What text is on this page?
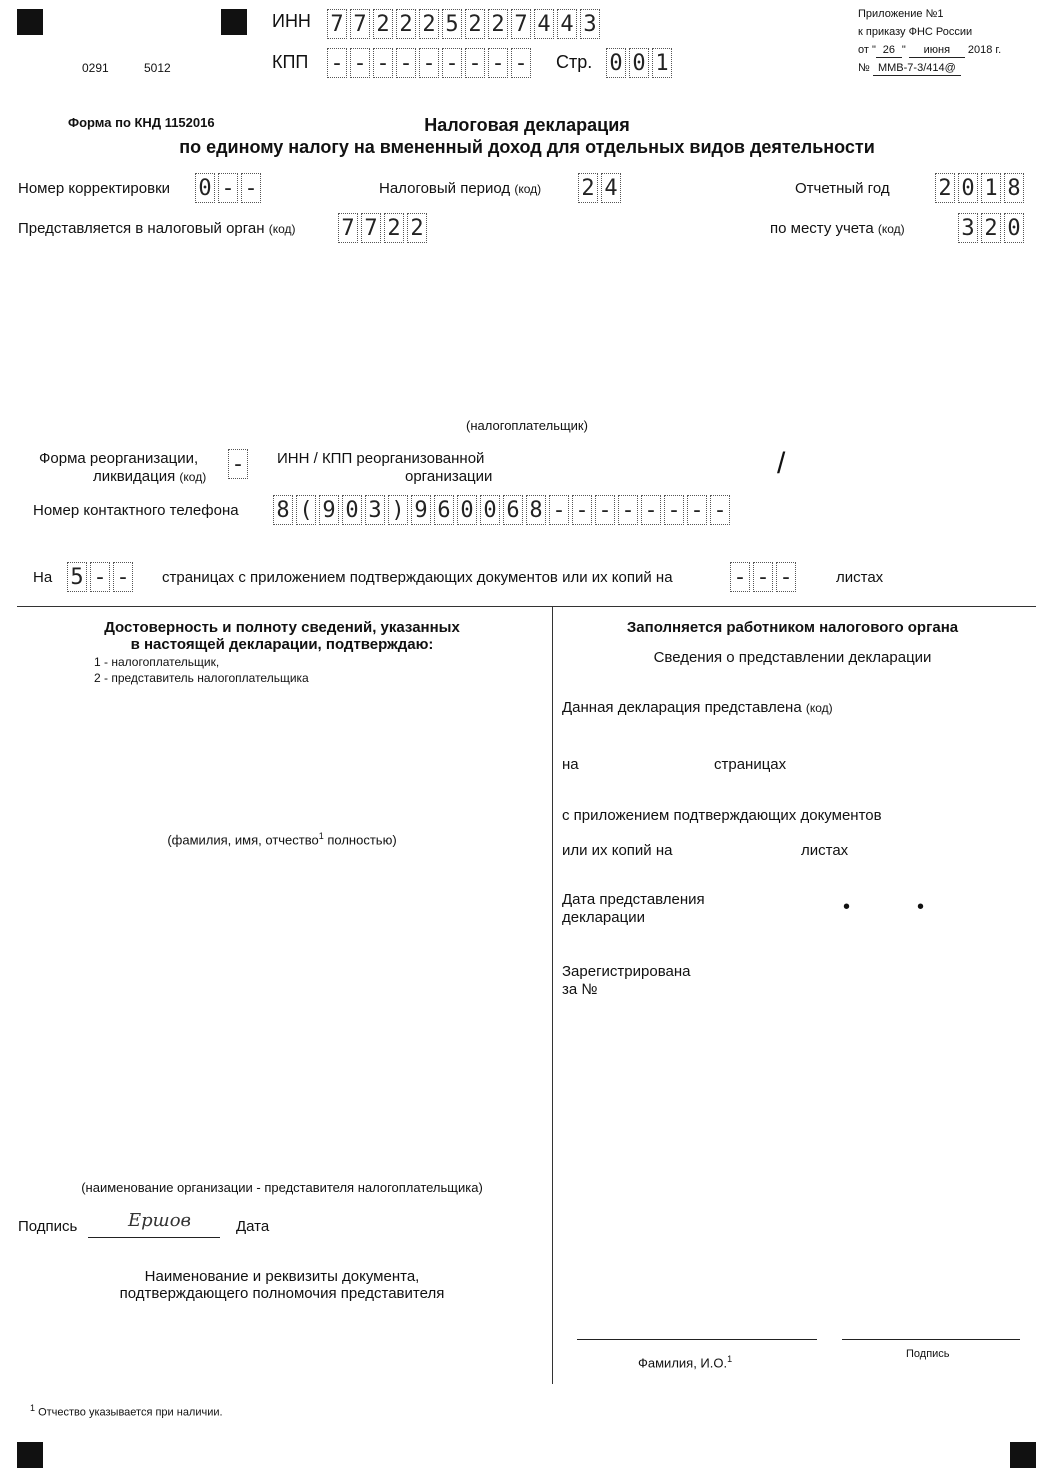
0291	5012
ИНН 7 7 2 2 2 5 2 2 7 4 4 3
КПП - - - - - - - - - Стр. 0 0 1
Приложение №1
к приказу ФНС России
от " 26 " июня 2018 г.
№ ММВ-7-3/414@
Форма по КНД 1152016	Налоговая декларация
по единому налогу на вмененный доход для отдельных видов деятельности
Номер корректировки 0 - -	Налоговый период (код) 2 4	Отчетный год 2 0 1 8
Представляется в налоговый орган (код) 7 7 2 2	по месту учета (код)	3 2 0
(налогоплательщик)
Форма реорганизации,
ликвидация (код)
- ИНН / КПП реорганизованной
организации	/
Номер контактного телефона 8 ( 9 0 3 ) 9 6 0 0 6 8 - - - - - - - -
На 5 - - страницах с приложением подтверждающих документов или их копий на	- - -	листах
Достоверность и полноту сведений, указанных
в настоящей декларации, подтверждаю:
1 - налогоплательщик,
2 - представитель налогоплательщика
(фамилия, имя, отчество$^1$ полностью)
(наименование организации - представителя налогоплательщика)
Подпись	Ершов	Дата
Наименование и реквизиты документа,
подтверждающего полномочия представителя
Заполняется работником налогового органа
Сведения о представлении декларации
Данная декларация представлена (код)
на	страницах
с приложением подтверждающих документов
или их копий на	листах
Дата представления
декларации	•	•
Зарегистрирована
за №
Фамилия, И.О.$^1$	Подпись
$^1$ Отчество указывается при наличии.
